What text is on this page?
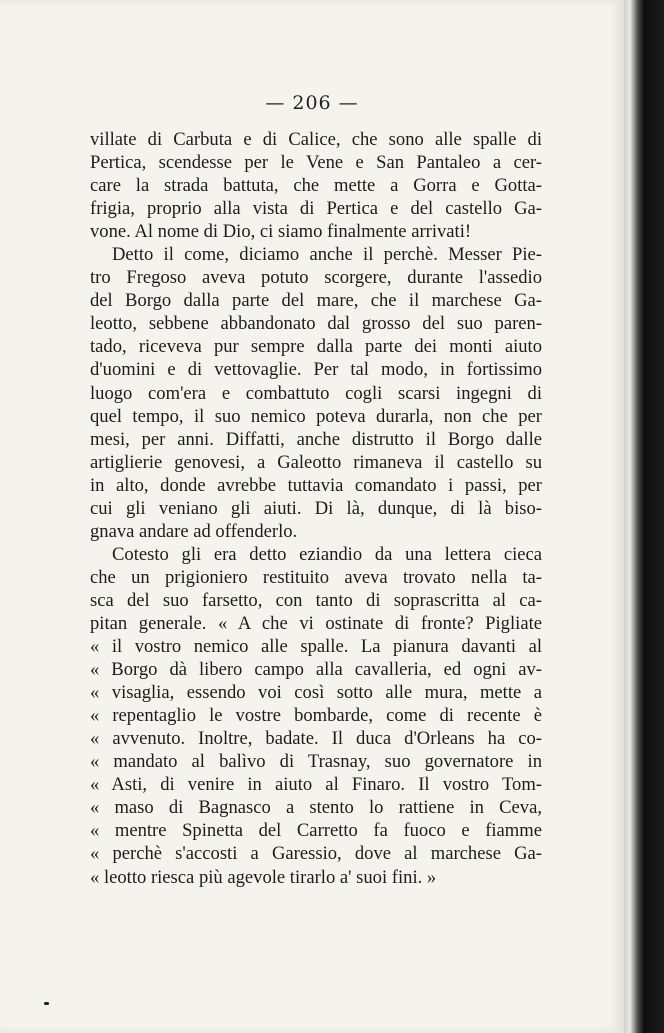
— 206 —
villate di Carbuta e di Calice, che sono alle spalle di
Pertica, scendesse per le Vene e San Pantaleo a cer-
care la strada battuta, che mette a Gorra e Gotta-
frigia, proprio alla vista di Pertica e del castello Ga-
vone. Al nome di Dio, ci siamo finalmente arrivati!
Detto il come, diciamo anche il perchè. Messer Pie-
tro Fregoso aveva potuto scorgere, durante l'assedio
del Borgo dalla parte del mare, che il marchese Ga-
leotto, sebbene abbandonato dal grosso del suo paren-
tado, riceveva pur sempre dalla parte dei monti aiuto
d'uomini e di vettovaglie. Per tal modo, in fortissimo
luogo com'era e combattuto cogli scarsi ingegni di
quel tempo, il suo nemico poteva durarla, non che per
mesi, per anni. Diffatti, anche distrutto il Borgo dalle
artiglierie genovesi, a Galeotto rimaneva il castello su
in alto, donde avrebbe tuttavia comandato i passi, per
cui gli veniano gli aiuti. Di là, dunque, di là biso-
gnava andare ad offenderlo.
Cotesto gli era detto eziandio da una lettera cieca
che un prigioniero restituito aveva trovato nella ta-
sca del suo farsetto, con tanto di soprascritta al ca-
pitan generale. « A che vi ostinate di fronte? Pigliate
« il vostro nemico alle spalle. La pianura davanti al
« Borgo dà libero campo alla cavalleria, ed ogni av-
« visaglia, essendo voi così sotto alle mura, mette a
« repentaglio le vostre bombarde, come di recente è
« avvenuto. Inoltre, badate. Il duca d'Orleans ha co-
« mandato al balìvo di Trasnay, suo governatore in
« Asti, di venire in aiuto al Finaro. Il vostro Tom-
« maso di Bagnasco a stento lo rattiene in Ceva,
« mentre Spinetta del Carretto fa fuoco e fiamme
« perchè s'accosti a Garessio, dove al marchese Ga-
« leotto riesca più agevole tirarlo a' suoi fini. »
